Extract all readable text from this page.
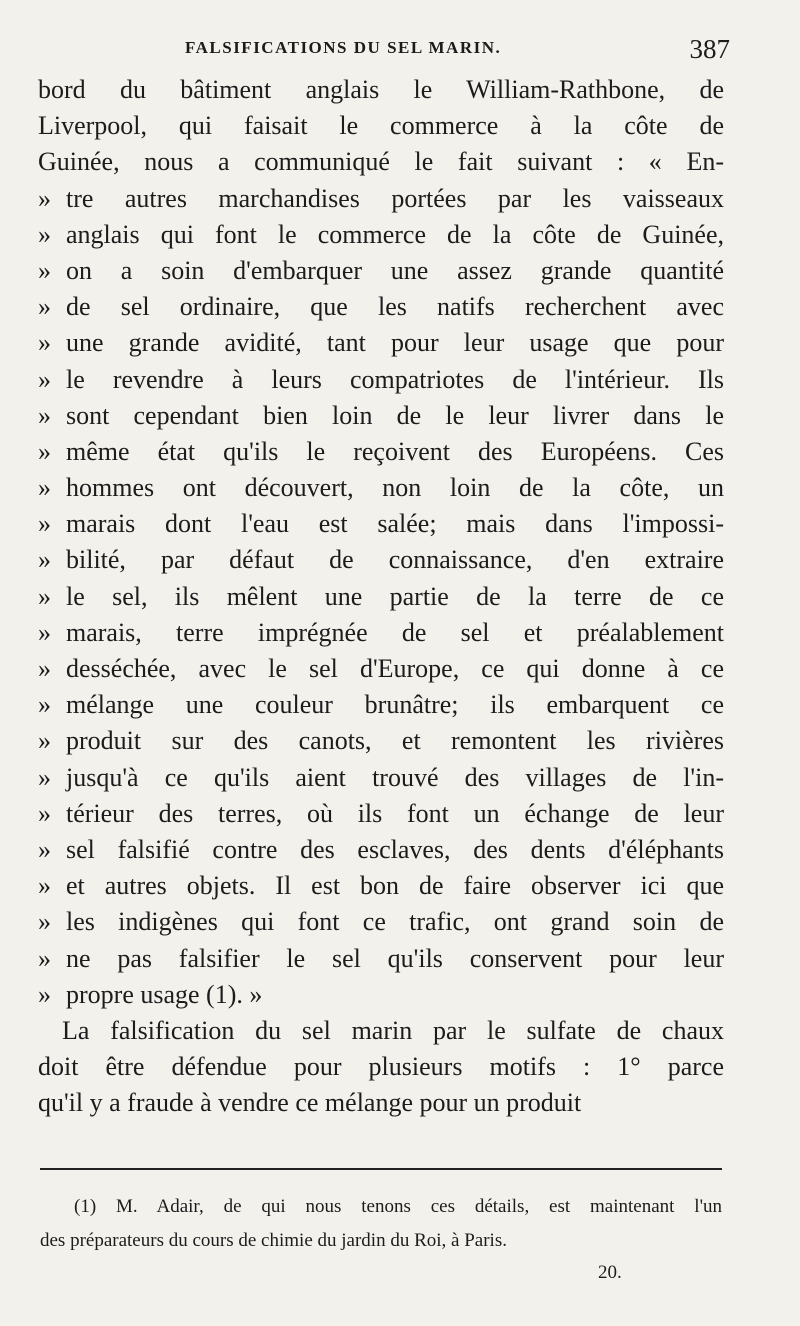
FALSIFICATIONS DU SEL MARIN.	387
bord du bâtiment anglais le William-Rathbone, de
Liverpool, qui faisait le commerce à la côte de
Guinée, nous a communiqué le fait suivant : « En-
» tre autres marchandises portées par les vaisseaux
» anglais qui font le commerce de la côte de Guinée,
» on a soin d'embarquer une assez grande quantité
» de sel ordinaire, que les natifs recherchent avec
» une grande avidité, tant pour leur usage que pour
» le revendre à leurs compatriotes de l'intérieur. Ils
» sont cependant bien loin de le leur livrer dans le
» même état qu'ils le reçoivent des Européens. Ces
» hommes ont découvert, non loin de la côte, un
» marais dont l'eau est salée; mais dans l'impossi-
» bilité, par défaut de connaissance, d'en extraire
» le sel, ils mêlent une partie de la terre de ce
» marais, terre imprégnée de sel et préalablement
» desséchée, avec le sel d'Europe, ce qui donne à ce
» mélange une couleur brunâtre; ils embarquent ce
» produit sur des canots, et remontent les rivières
» jusqu'à ce qu'ils aient trouvé des villages de l'in-
» térieur des terres, où ils font un échange de leur
» sel falsifié contre des esclaves, des dents d'éléphants
» et autres objets. Il est bon de faire observer ici que
» les indigènes qui font ce trafic, ont grand soin de
» ne pas falsifier le sel qu'ils conservent pour leur
» propre usage (1). »
La falsification du sel marin par le sulfate de chaux
doit être défendue pour plusieurs motifs : 1° parce
qu'il y a fraude à vendre ce mélange pour un produit
(1) M. Adair, de qui nous tenons ces détails, est maintenant l'un
des préparateurs du cours de chimie du jardin du Roi, à Paris.
20.
